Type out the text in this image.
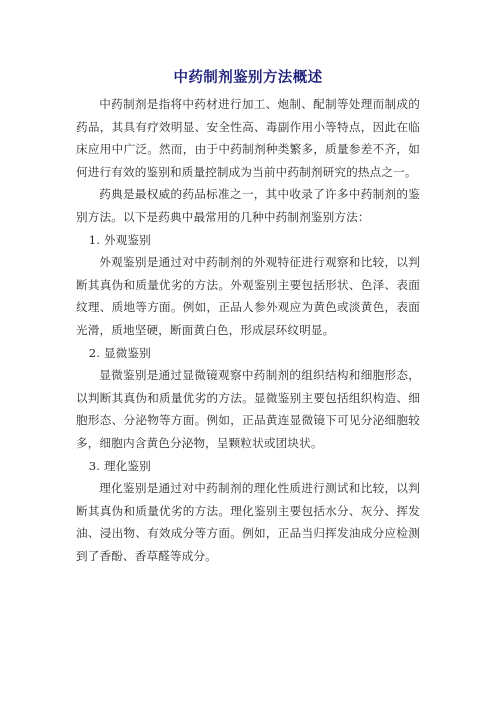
中药制剂鉴别方法概述

中药制剂是指将中药材进行加工、炮制、配制等处理而制成的药品，其具有疗效明显、安全性高、毒副作用小等特点，因此在临床应用中广泛。然而，由于中药制剂种类繁多，质量参差不齐，如何进行有效的鉴别和质量控制成为当前中药制剂研究的热点之一。

药典是最权威的药品标准之一，其中收录了许多中药制剂的鉴别方法。以下是药典中最常用的几种中药制剂鉴别方法：

1. 外观鉴别

外观鉴别是通过对中药制剂的外观特征进行观察和比较，以判断其真伪和质量优劣的方法。外观鉴别主要包括形状、色泽、表面纹理、质地等方面。例如，正品人参外观应为黄色或淡黄色，表面光滑，质地坚硬，断面黄白色，形成层环纹明显。

2. 显微鉴别

显微鉴别是通过显微镜观察中药制剂的组织结构和细胞形态，以判断其真伪和质量优劣的方法。显微鉴别主要包括组织构造、细胞形态、分泌物等方面。例如，正品黄连显微镜下可见分泌细胞较多，细胞内含黄色分泌物，呈颗粒状或团块状。

3. 理化鉴别

理化鉴别是通过对中药制剂的理化性质进行测试和比较，以判断其真伪和质量优劣的方法。理化鉴别主要包括水分、灰分、挥发油、浸出物、有效成分等方面。例如，正品当归挥发油成分应检测到了香酚、香草醛等成分。
